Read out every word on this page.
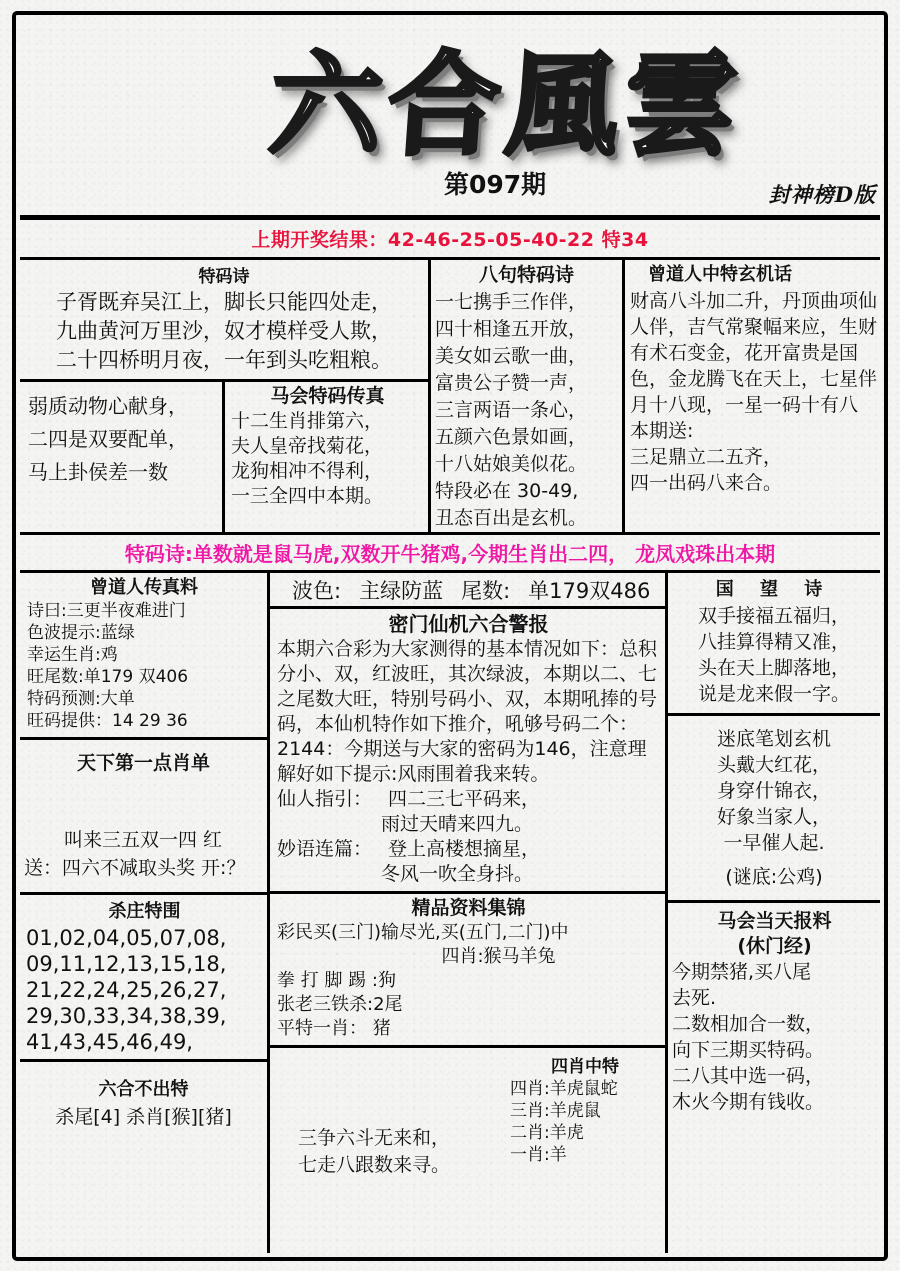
六合風雲
第097期	封神榜D版
上期开奖结果：42-46-25-05-40-22 特34
特码诗
子胥既弃吴江上，脚长只能四处走，
九曲黄河万里沙，奴才模样受人欺，
二十四桥明月夜，一年到头吃粗粮。
弱质动物心献身，
二四是双要配单，
马上卦侯差一数
马会特码传真
十二生肖排第六，
夫人皇帝找菊花，
龙狗相冲不得利，
一三全四中本期。
八句特码诗
一七携手三作伴，
四十相逢五开放，
美女如云歌一曲，
富贵公子赞一声，
三言两语一条心，
五颜六色景如画，
十八姑娘美似花。
特段必在 30-49,
丑态百出是玄机。
曾道人中特玄机话
财高八斗加二升，丹顶曲项仙人伴，吉气常聚幅来应，生财有术石变金，花开富贵是国色，金龙腾飞在天上，七星伴月十八现，一星一码十有八
本期送:
三足鼎立二五齐，
四一出码八来合。
特码诗:单数就是鼠马虎,双数开牛猪鸡,今期生肖出二四， 龙凤戏珠出本期
曾道人传真料
诗曰:三更半夜难进门
色波提示:蓝绿
幸运生肖:鸡
旺尾数:单179 双406
特码预测:大单
旺码提供：14 29 36
天下第一点肖单
叫来三五双一四 红
送：四六不减取头奖 开:？
杀庄特围
01,02,04,05,07,08,
09,11,12,13,15,18,
21,22,24,25,26,27,
29,30,33,34,38,39,
41,43,45,46,49,
六合不出特
杀尾[4] 杀肖[猴][猪]
波色: 主绿防蓝 尾数: 单179双486
密门仙机六合警报
本期六合彩为大家测得的基本情况如下：总积分小、双，红波旺，其次绿波，本期以二、七之尾数大旺，特别号码小、双，本期吼捧的号码，本仙机特作如下推介，吼够号码二个：2144：今期送与大家的密码为146，注意理解好如下提示:风雨围着我来转。
仙人指引： 四二三七平码来，
雨过天晴来四九。
妙语连篇： 登上高楼想摘星，
冬风一吹全身抖。
精品资料集锦
彩民买(三门)输尽光,买(五门,二门)中
四肖:猴马羊兔
拳 打 脚 踢 :狗
张老三铁杀:2尾
平特一肖： 猪
三争六斗无来和，
七走八跟数来寻。
四肖中特
四肖:羊虎鼠蛇
三肖:羊虎鼠
二肖:羊虎
一肖:羊
国 望 诗
双手接福五福归，
八挂算得精又准，
头在天上脚落地，
说是龙来假一字。
迷底笔划玄机
头戴大红花，
身穿什锦衣，
好象当家人，
一早催人起.
(谜底:公鸡)
马会当天报料
(休门经)
今期禁猪,买八尾
去死.
二数相加合一数，
向下三期买特码。
二八其中选一码，
木火今期有钱收。
